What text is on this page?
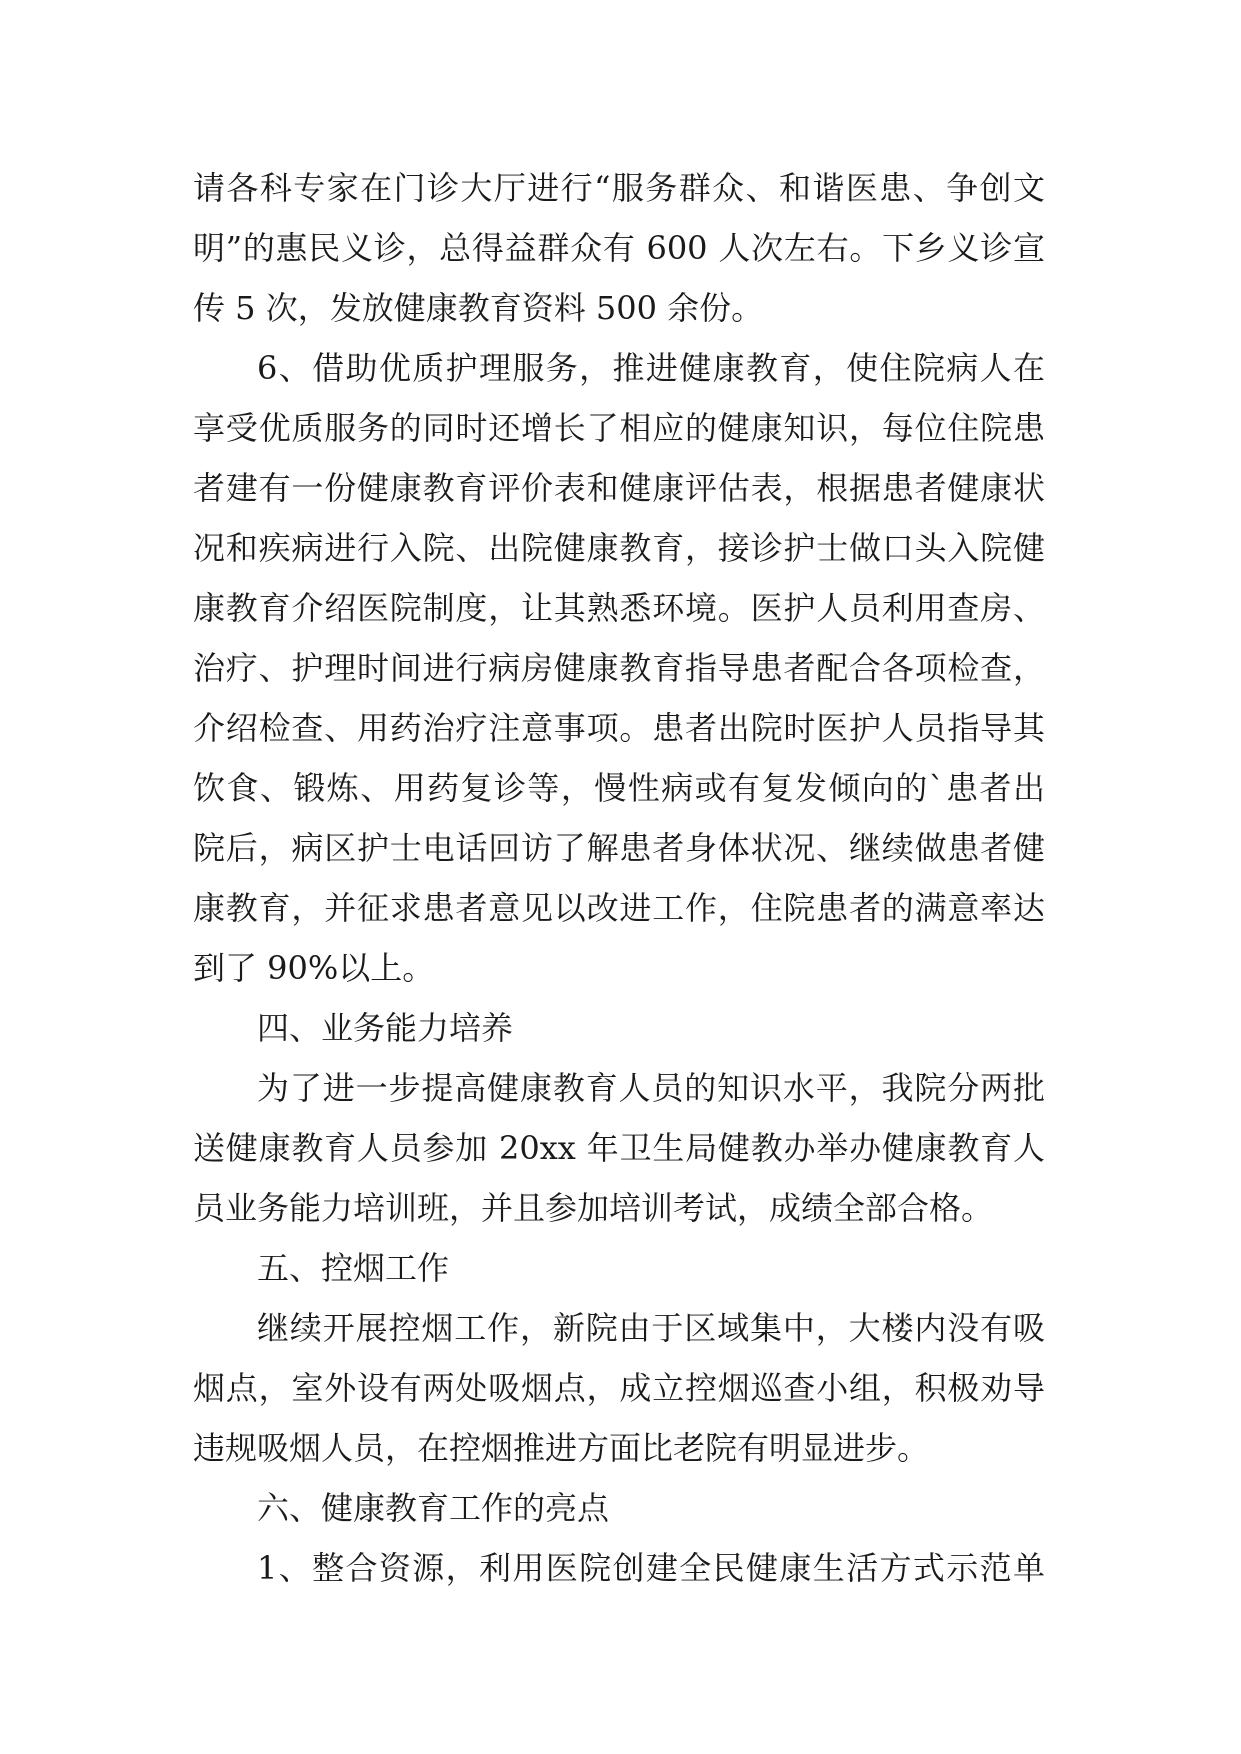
请各科专家在门诊大厅进行“服务群众、和谐医患、争创文
明”的惠民义诊，总得益群众有 600 人次左右。下乡义诊宣
传 5 次，发放健康教育资料 500 余份。
6、借助优质护理服务，推进健康教育，使住院病人在
享受优质服务的同时还增长了相应的健康知识，每位住院患
者建有一份健康教育评价表和健康评估表，根据患者健康状
况和疾病进行入院、出院健康教育，接诊护士做口头入院健
康教育介绍医院制度，让其熟悉环境。医护人员利用查房、
治疗、护理时间进行病房健康教育指导患者配合各项检查，
介绍检查、用药治疗注意事项。患者出院时医护人员指导其
饮食、锻炼、用药复诊等，慢性病或有复发倾向的`患者出
院后，病区护士电话回访了解患者身体状况、继续做患者健
康教育，并征求患者意见以改进工作，住院患者的满意率达
到了 90%以上。
四、业务能力培养
为了进一步提高健康教育人员的知识水平，我院分两批
送健康教育人员参加 20xx 年卫生局健教办举办健康教育人
员业务能力培训班，并且参加培训考试，成绩全部合格。
五、控烟工作
继续开展控烟工作，新院由于区域集中，大楼内没有吸
烟点，室外设有两处吸烟点，成立控烟巡查小组，积极劝导
违规吸烟人员，在控烟推进方面比老院有明显进步。
六、健康教育工作的亮点
1、整合资源，利用医院创建全民健康生活方式示范单
